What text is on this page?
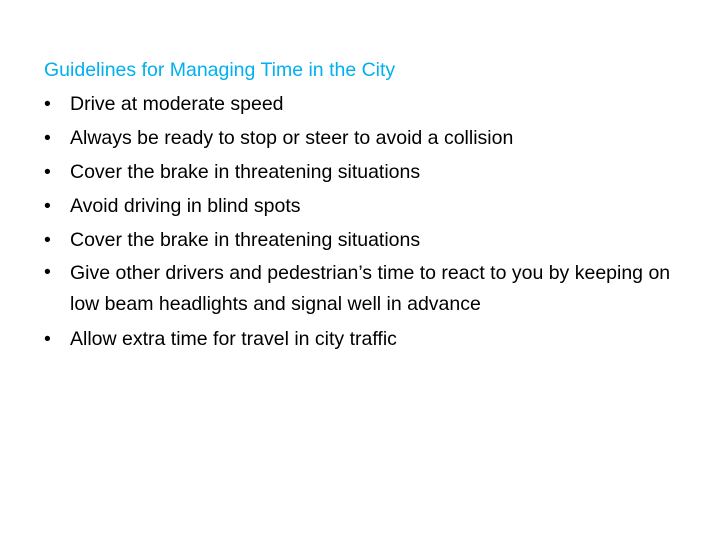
Guidelines for Managing Time in the City
• Drive at moderate speed
• Always be ready to stop or steer to avoid a collision
• Cover the brake in threatening situations
• Avoid driving in blind spots
• Cover the brake in threatening situations
• Give other drivers and pedestrian’s time to react to you by keeping on low beam headlights and signal well in advance
• Allow extra time for travel in city traffic
